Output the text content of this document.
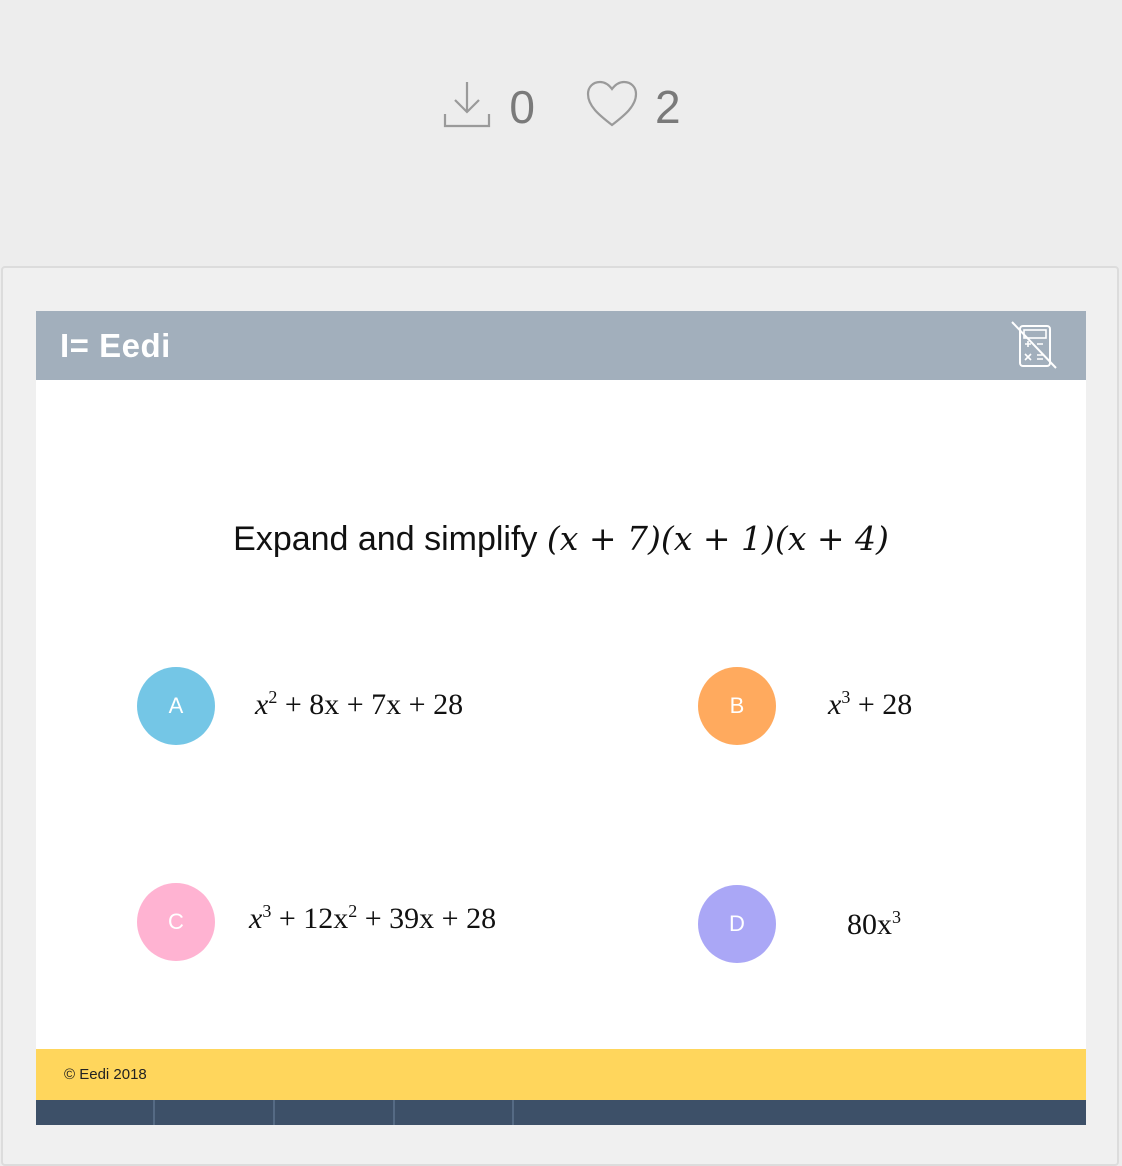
0	2
I= Eedi
Expand and simplify (x + 7)(x + 1)(x + 4)
A	$x^2 + 8x + 7x + 28$	B	$x^3 + 28$
C	$x^3 + 12x^2 + 39x + 28$	D	$80x^3$
© Eedi 2018
